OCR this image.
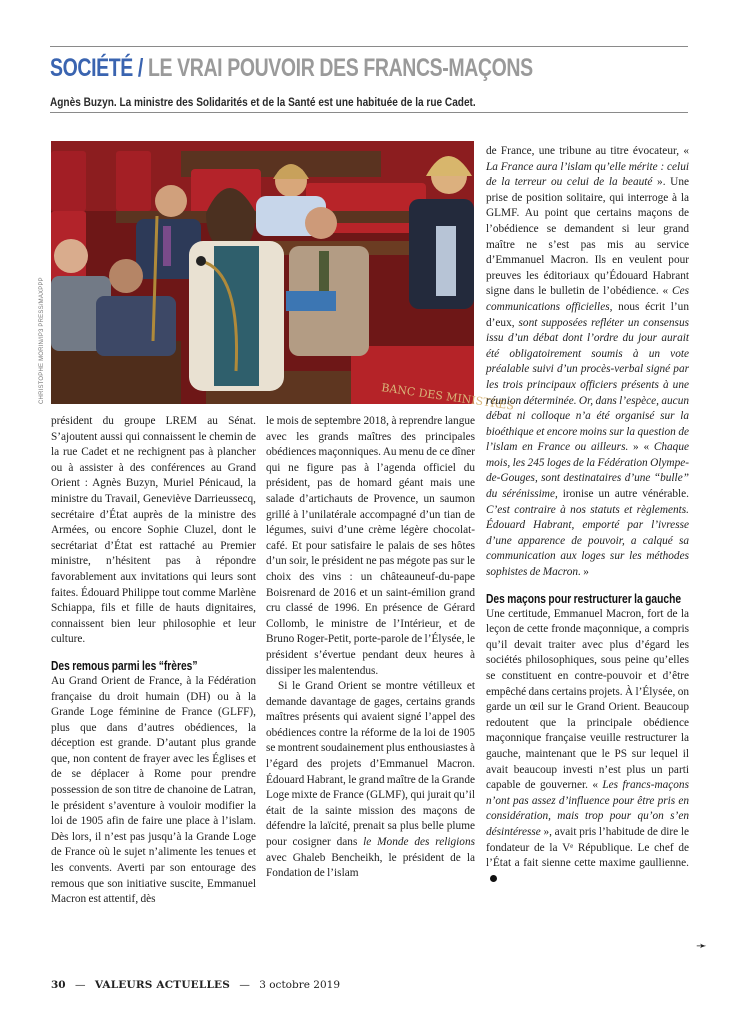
SOCIÉTÉ / LE VRAI POUVOIR DES FRANCS-MAÇONS
Agnès Buzyn. La ministre des Solidarités et de la Santé est une habituée de la rue Cadet.
BANC DES MINISTRES
CHRISTOPHE MORIN/IP3 PRESS/MAXPPP

président du groupe LREM au Sénat. S’ajoutent aussi qui connaissent le chemin de la rue Cadet et ne rechignent pas à plancher ou à assister à des conférences au Grand Orient : Agnès Buzyn, Muriel Pénicaud, la ministre du Travail, Geneviève Darrieussecq, secrétaire d’État auprès de la ministre des Armées, ou encore Sophie Cluzel, dont le secrétariat d’État est rattaché au Premier ministre, n’hésitent pas à répondre favorablement aux invitations qui leurs sont faites. Édouard Philippe tout comme Marlène Schiappa, fils et fille de hauts dignitaires, connaissent bien leur philosophie et leur culture.

Des remous parmi les “frères”

Au Grand Orient de France, à la Fédération française du droit humain (DH) ou à la Grande Loge féminine de France (GLFF), plus que dans d’autres obédiences, la déception est grande. D’autant plus grande que, non content de frayer avec les Églises et de se déplacer à Rome pour prendre possession de son titre de chanoine de Latran, le président s’aventure à vouloir modifier la loi de 1905 afin de faire une place à l’islam. Dès lors, il n’est pas jusqu’à la Grande Loge de France où le sujet n’alimente les tenues et les convents. Averti par son entourage des remous que son initiative suscite, Emmanuel Macron est attentif, dès

le mois de septembre 2018, à reprendre langue avec les grands maîtres des principales obédiences maçonniques. Au menu de ce dîner qui ne figure pas à l’agenda officiel du président, pas de homard géant mais une salade d’artichauts de Provence, un saumon grillé à l’unilatérale accompagné d’un tian de légumes, suivi d’une crème légère chocolat-café. Et pour satisfaire le palais de ses hôtes d’un soir, le président ne pas mégote pas sur le choix des vins : un châteauneuf-du-pape Boisrenard de 2016 et un saint-émilion grand cru classé de 1996. En présence de Gérard Collomb, le ministre de l’Intérieur, et de Bruno Roger-Petit, porte-parole de l’Élysée, le président s’évertue pendant deux heures à dissiper les malentendus.

Si le Grand Orient se montre vétilleux et demande davantage de gages, certains grands maîtres présents qui avaient signé l’appel des obédiences contre la réforme de la loi de 1905 se montrent soudainement plus enthousiastes à l’égard des projets d’Emmanuel Macron. Édouard Habrant, le grand maître de la Grande Loge mixte de France (GLMF), qui jurait qu’il était de la sainte mission des maçons de défendre la laïcité, prenait sa plus belle plume pour cosigner dans le Monde des religions avec Ghaleb Bencheikh, le président de la Fondation de l’islam

de France, une tribune au titre évocateur, « La France aura l’islam qu’elle mérite : celui de la terreur ou celui de la beauté ». Une prise de position solitaire, qui interroge à la GLMF. Au point que certains maçons de l’obédience se demandent si leur grand maître ne s’est pas mis au service d’Emmanuel Macron. Ils en veulent pour preuves les éditoriaux qu’Édouard Habrant signe dans le bulletin de l’obédience. « Ces communications officielles, nous écrit l’un d’eux, sont supposées refléter un consensus issu d’un débat dont l’ordre du jour aurait été obligatoirement soumis à un vote préalable suivi d’un procès-verbal signé par les trois principaux officiers présents à une réunion déterminée. Or, dans l’espèce, aucun débat ni colloque n’a été organisé sur la bioéthique et encore moins sur la question de l’islam en France ou ailleurs. » « Chaque mois, les 245 loges de la Fédération Olympe-de-Gouges, sont destinataires d’une “bulle” du sérénissime, ironise un autre vénérable. C’est contraire à nos statuts et règlements. Édouard Habrant, emporté par l’ivresse d’une apparence de pouvoir, a calqué sa communication aux loges sur les méthodes sophistes de Macron. »

Des maçons pour restructurer la gauche

Une certitude, Emmanuel Macron, fort de la leçon de cette fronde maçonnique, a compris qu’il devait traiter avec plus d’égard les sociétés philosophiques, sous peine qu’elles se constituent en contre-pouvoir et d’être empêché dans certains projets. À l’Élysée, on garde un œil sur le Grand Orient. Beaucoup redoutent que la principale obédience maçonnique française veuille restructurer la gauche, maintenant que le PS sur lequel il avait beaucoup investi n’est plus un parti capable de gouverner. « Les francs-maçons n’ont pas assez d’influence pour être pris en considération, mais trop pour qu’on s’en désintéresse », avait pris l’habitude de dire le fondateur de la Vᵉ République. Le chef de l’État a fait sienne cette maxime gaullienne.

➛
30 — VALEURS ACTUELLES — 3 octobre 2019
